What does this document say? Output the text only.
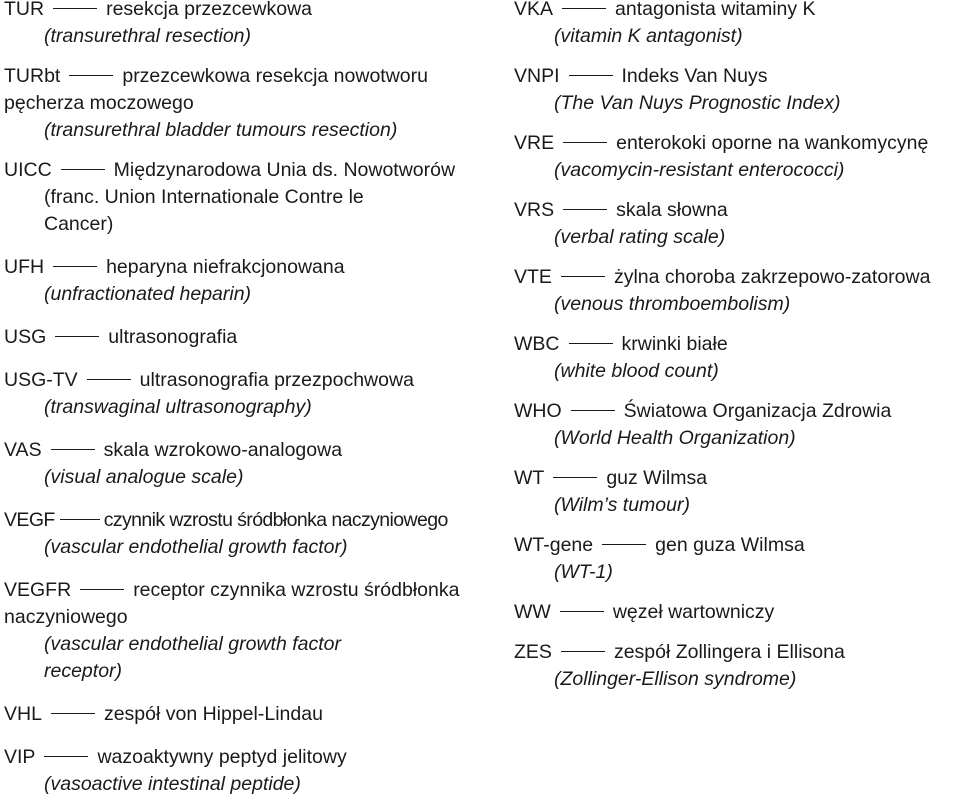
TUR	resekcja przezcewkowa
(transurethral resection)
TURbt	przezcewkowa resekcja nowotworu pęcherza moczowego
(transurethral bladder tumours resection)
UICC	Międzynarodowa Unia ds. Nowotworów
(franc. Union Internationale Contre le Cancer)
UFH	heparyna niefrakcjonowana
(unfractionated heparin)
USG	ultrasonografia
USG-TV	ultrasonografia przezpochwowa
(transwaginal ultrasonography)
VAS	skala wzrokowo-analogowa
(visual analogue scale)
VEGF	czynnik wzrostu śródbłonka naczyniowego
(vascular endothelial growth factor)
VEGFR	receptor czynnika wzrostu śródbłonka naczyniowego
(vascular endothelial growth factor receptor)
VHL	zespół von Hippel-Lindau
VIP	wazoaktywny peptyd jelitowy
(vasoactive intestinal peptide)
VKA	antagonista witaminy K
(vitamin K antagonist)
VNPI	Indeks Van Nuys
(The Van Nuys Prognostic Index)
VRE	enterokoki oporne na wankomycynę
(vacomycin-resistant enterococci)
VRS	skala słowna
(verbal rating scale)
VTE	żylna choroba zakrzepowo-zatorowa
(venous thromboembolism)
WBC	krwinki białe
(white blood count)
WHO	Światowa Organizacja Zdrowia
(World Health Organization)
WT	guz Wilmsa
(Wilm’s tumour)
WT-gene	gen guza Wilmsa
(WT-1)
WW	węzeł wartowniczy
ZES	zespół Zollingera i Ellisona
(Zollinger-Ellison syndrome)
